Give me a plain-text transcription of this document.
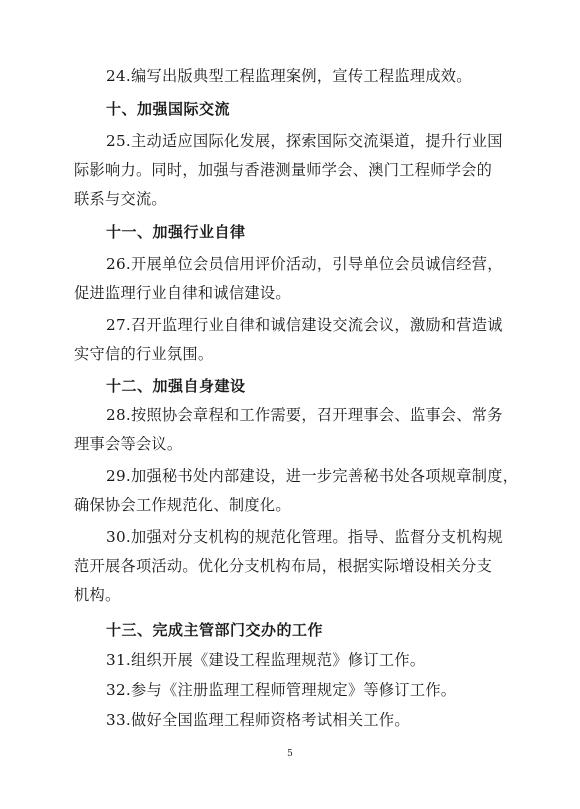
24.编写出版典型工程监理案例，宣传工程监理成效。
十、加强国际交流
25.主动适应国际化发展，探索国际交流渠道，提升行业国
际影响力。同时，加强与香港测量师学会、澳门工程师学会的
联系与交流。
十一、加强行业自律
26.开展单位会员信用评价活动，引导单位会员诚信经营，
促进监理行业自律和诚信建设。
27.召开监理行业自律和诚信建设交流会议，激励和营造诚
实守信的行业氛围。
十二、加强自身建设
28.按照协会章程和工作需要，召开理事会、监事会、常务
理事会等会议。
29.加强秘书处内部建设，进一步完善秘书处各项规章制度，
确保协会工作规范化、制度化。
30.加强对分支机构的规范化管理。指导、监督分支机构规
范开展各项活动。优化分支机构布局，根据实际增设相关分支
机构。
十三、完成主管部门交办的工作
31.组织开展《建设工程监理规范》修订工作。
32.参与《注册监理工程师管理规定》等修订工作。
33.做好全国监理工程师资格考试相关工作。
5
